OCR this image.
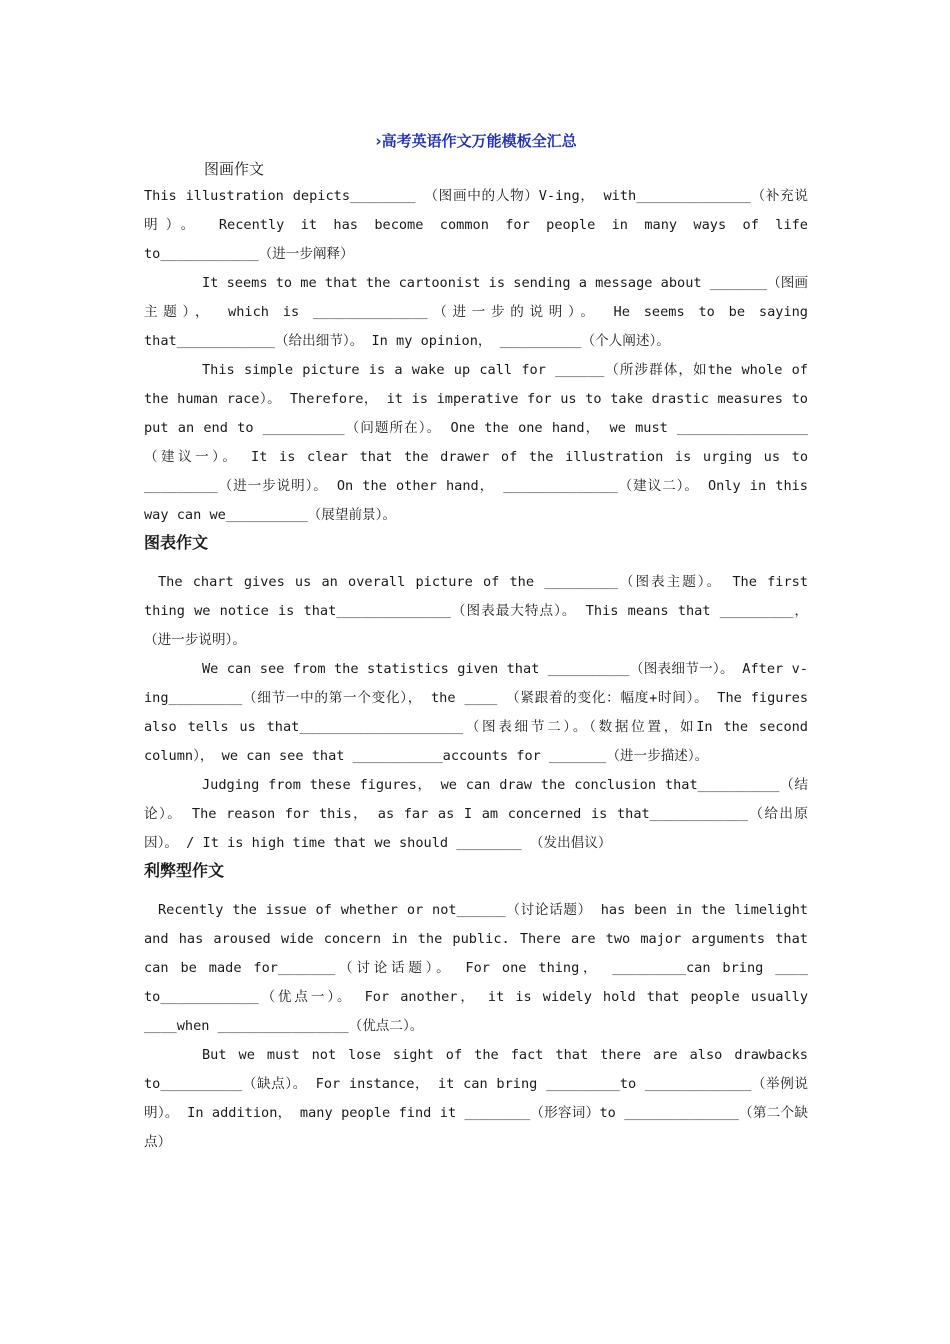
›高考英语作文万能模板全汇总
图画作文

This illustration depicts________ （图画中的人物）V-ing， with______________（补充说明）。 Recently it has become common for people in many ways of life to____________（进一步阐释）

It seems to me that the cartoonist is sending a message about _______（图画主题）， which is ______________（进一步的说明）。 He seems to be saying that____________（给出细节）。 In my opinion， __________（个人阐述）。

This simple picture is a wake up call for ______（所涉群体，如the whole of the human race）。 Therefore， it is imperative for us to take drastic measures to put an end to __________（问题所在）。 One the one hand， we must ________________（建议一）。 It is clear that the drawer of the illustration is urging us to _________（进一步说明）。 On the other hand， ______________（建议二）。 Only in this way can we__________（展望前景）。

图表作文

The chart gives us an overall picture of the _________（图表主题）。 The first thing we notice is that______________（图表最大特点）。 This means that _________，（进一步说明）。

We can see from the statistics given that __________（图表细节一）。 After v-ing_________（细节一中的第一个变化）， the ____ （紧跟着的变化：幅度+时间）。 The figures also tells us that____________________（图表细节二）。（数据位置，如In the second column）， we can see that ___________accounts for _______（进一步描述）。

Judging from these figures， we can draw the conclusion that__________（结论）。 The reason for this， as far as I am concerned is that____________（给出原因）。 / It is high time that we should ________ （发出倡议）

利弊型作文

Recently the issue of whether or not______（讨论话题） has been in the limelight and has aroused wide concern in the public. There are two major arguments that can be made for_______（讨论话题）。 For one thing， _________can bring ____ to____________（优点一）。 For another， it is widely hold that people usually ____when ________________（优点二）。

But we must not lose sight of the fact that there are also drawbacks to__________（缺点）。 For instance， it can bring _________to _____________（举例说明）。 In addition， many people find it ________（形容词）to ______________（第二个缺点）
